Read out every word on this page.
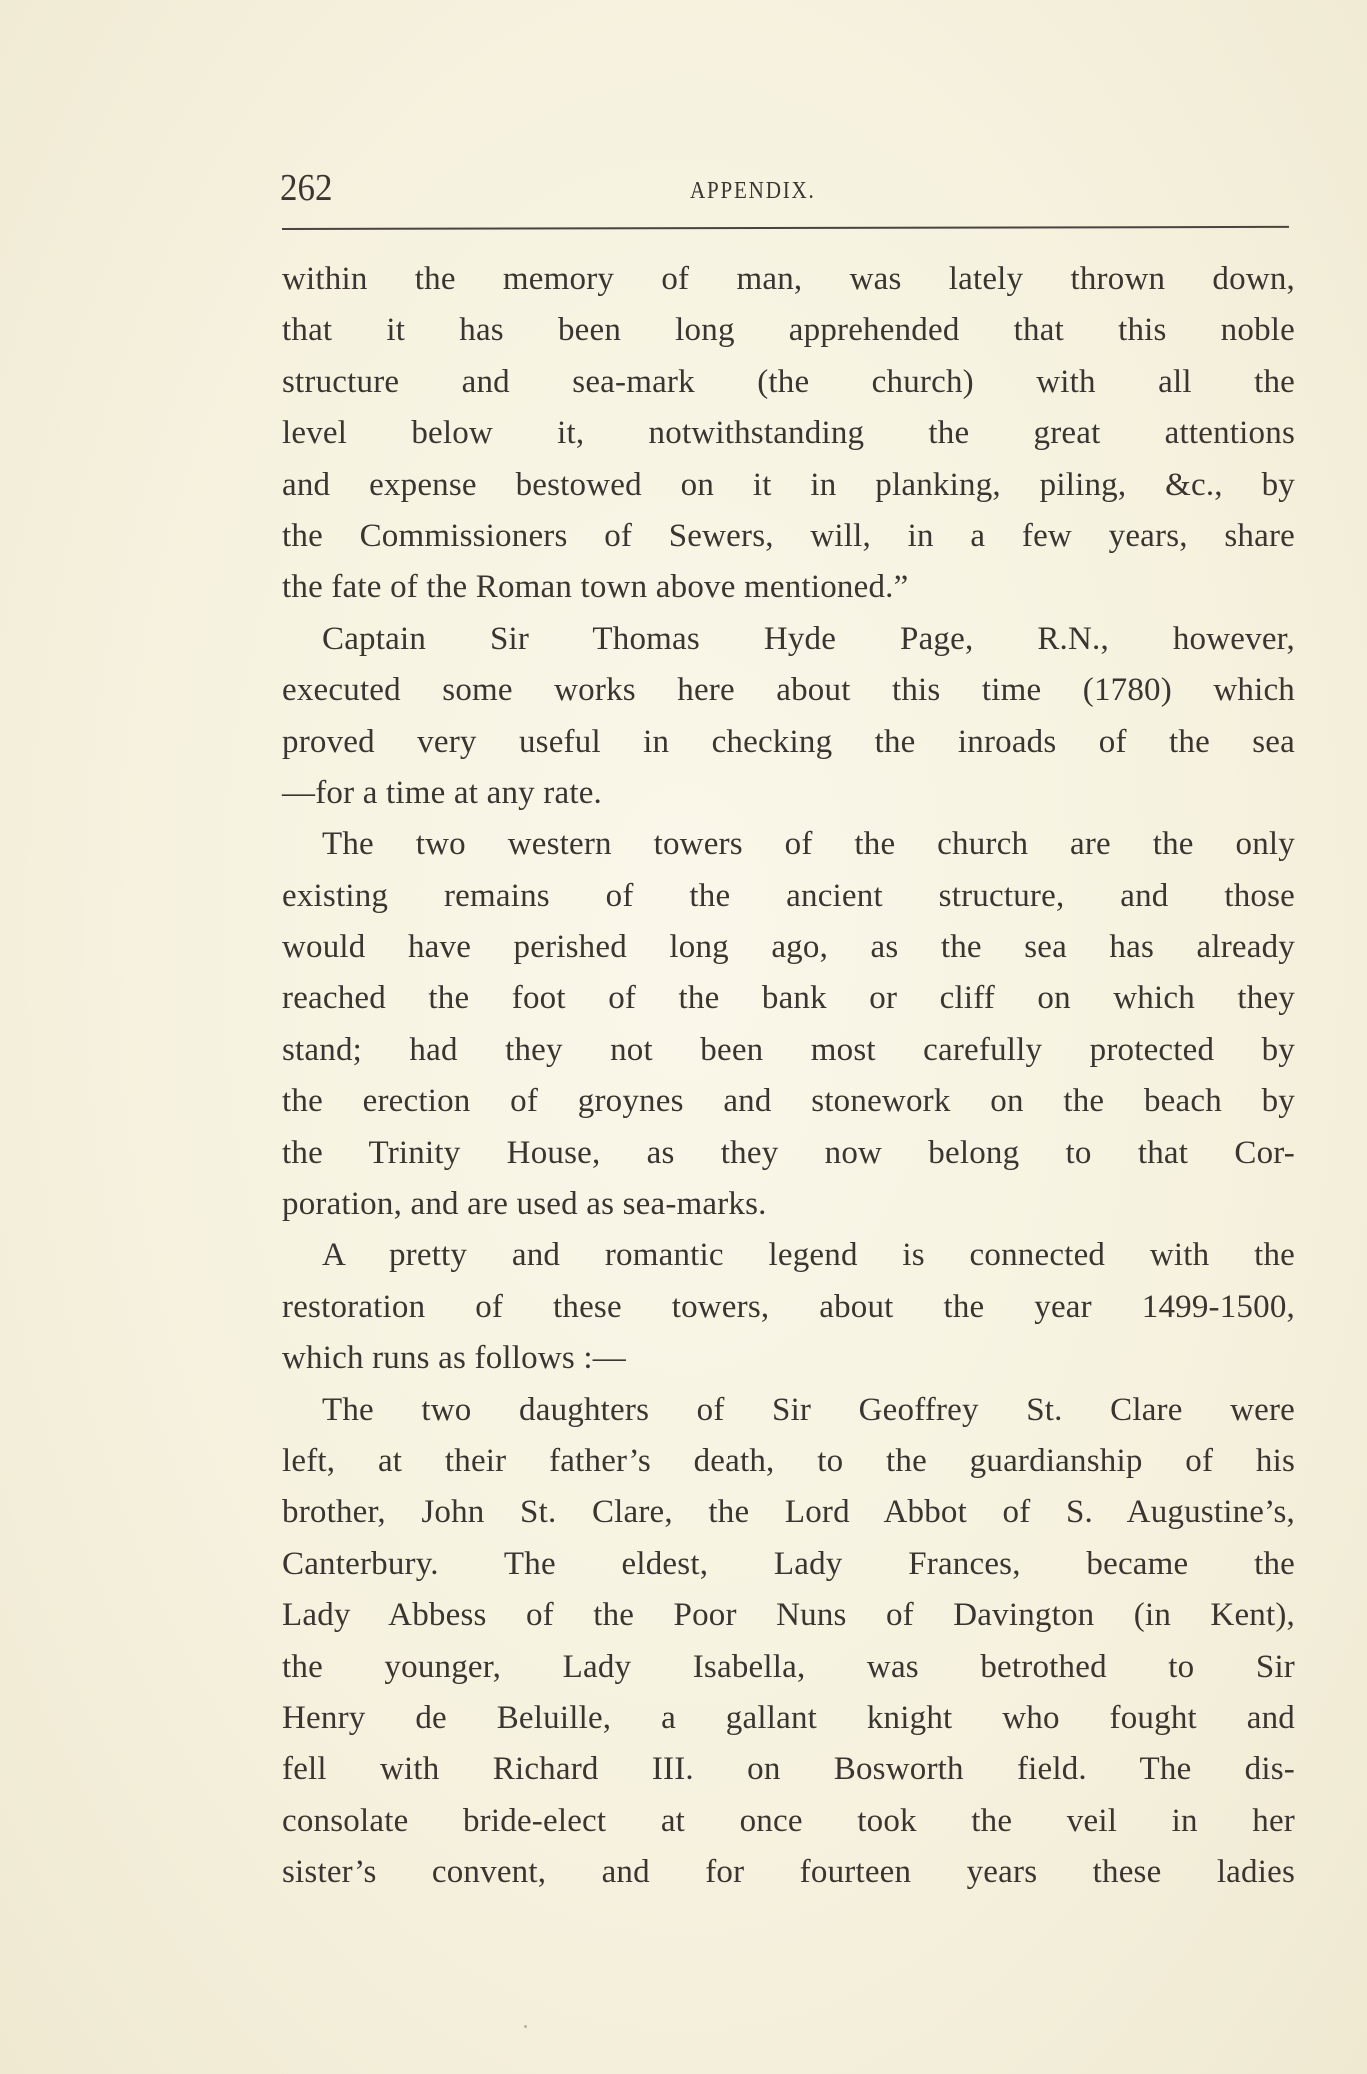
262	APPENDIX.
within the memory of man, was lately thrown down,
that it has been long apprehended that this noble
structure and sea-mark (the church) with all the
level below it, notwithstanding the great attentions
and expense bestowed on it in planking, piling, &c., by
the Commissioners of Sewers, will, in a few years, share
the fate of the Roman town above mentioned.”
Captain Sir Thomas Hyde Page, R.N., however,
executed some works here about this time (1780) which
proved very useful in checking the inroads of the sea
—for a time at any rate.
The two western towers of the church are the only
existing remains of the ancient structure, and those
would have perished long ago, as the sea has already
reached the foot of the bank or cliff on which they
stand; had they not been most carefully protected by
the erection of groynes and stonework on the beach by
the Trinity House, as they now belong to that Cor-
poration, and are used as sea-marks.
A pretty and romantic legend is connected with the
restoration of these towers, about the year 1499-1500,
which runs as follows :—
The two daughters of Sir Geoffrey St. Clare were
left, at their father’s death, to the guardianship of his
brother, John St. Clare, the Lord Abbot of S. Augustine’s,
Canterbury. The eldest, Lady Frances, became the
Lady Abbess of the Poor Nuns of Davington (in Kent),
the younger, Lady Isabella, was betrothed to Sir
Henry de Beluille, a gallant knight who fought and
fell with Richard III. on Bosworth field. The dis-
consolate bride-elect at once took the veil in her
sister’s convent, and for fourteen years these ladies
